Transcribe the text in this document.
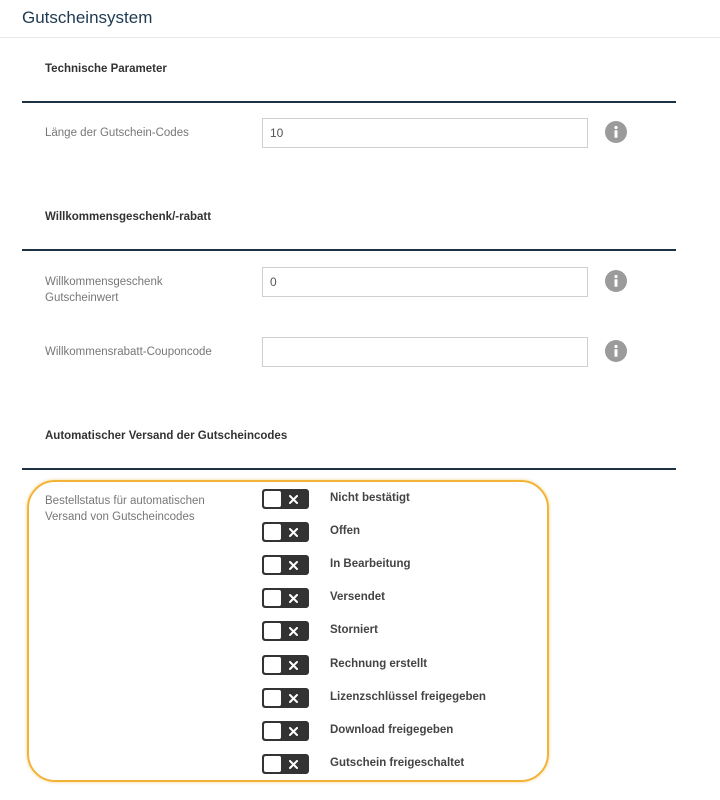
Gutscheinsystem
Technische Parameter
Länge der Gutschein-Codes
10
Willkommensgeschenk/-rabatt
Willkommensgeschenk Gutscheinwert
0
Willkommensrabatt-Couponcode
Automatischer Versand der Gutscheincodes
Bestellstatus für automatischen Versand von Gutscheincodes
Nicht bestätigt
Offen
In Bearbeitung
Versendet
Storniert
Rechnung erstellt
Lizenzschlüssel freigegeben
Download freigegeben
Gutschein freigeschaltet
